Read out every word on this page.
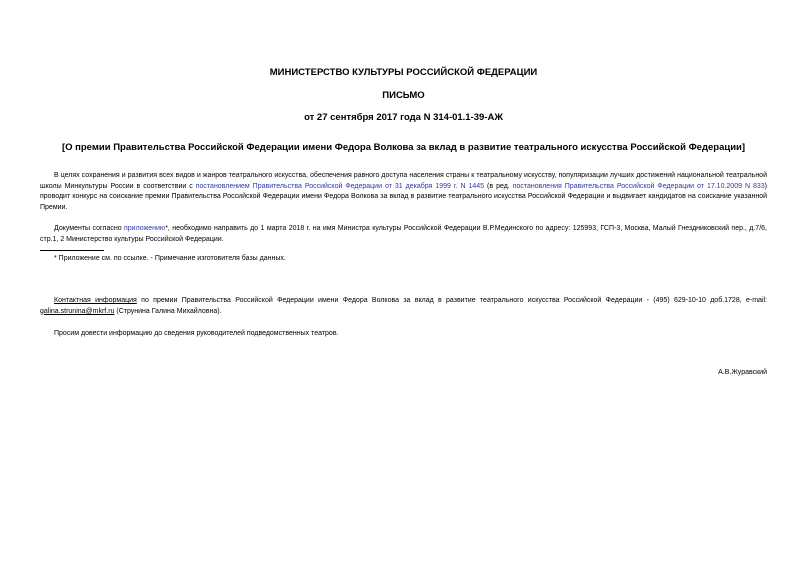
МИНИСТЕРСТВО КУЛЬТУРЫ РОССИЙСКОЙ ФЕДЕРАЦИИ
ПИСЬМО
от 27 сентября 2017 года N 314-01.1-39-АЖ
[О премии Правительства Российской Федерации имени Федора Волкова за вклад в развитие театрального искусства Российской Федерации]
В целях сохранения и развития всех видов и жанров театрального искусства, обеспечения равного доступа населения страны к театральному искусству, популяризации лучших достижений национальной театральной школы Минкультуры России в соответствии с постановлением Правительства Российской Федерации от 31 декабря 1999 г. N 1445 (в ред. постановления Правительства Российской Федерации от 17.10.2009 N 833) проводит конкурс на соискание премии Правительства Российской Федерации имени Федора Волкова за вклад в развитие театрального искусства Российской Федерации и выдвигает кандидатов на соискание указанной Премии.
Документы согласно приложению*, необходимо направить до 1 марта 2018 г. на имя Министра культуры Российской Федерации В.Р.Мединского по адресу: 125993, ГСП-3, Москва, Малый Гнездниковский пер., д.7/6, стр.1, 2 Министерство культуры Российской Федерации.
* Приложение см. по ссылке. - Примечание изготовителя базы данных.
Контактная информация по премии Правительства Российской Федерации имени Федора Волкова за вклад в развитие театрального искусства Российской Федерации - (495) 629-10-10 доб.1728, e-mail: galina.strunina@mkrf.ru (Струнина Галина Михайловна).
Просим довести информацию до сведения руководителей подведомственных театров.
А.В.Журавский
